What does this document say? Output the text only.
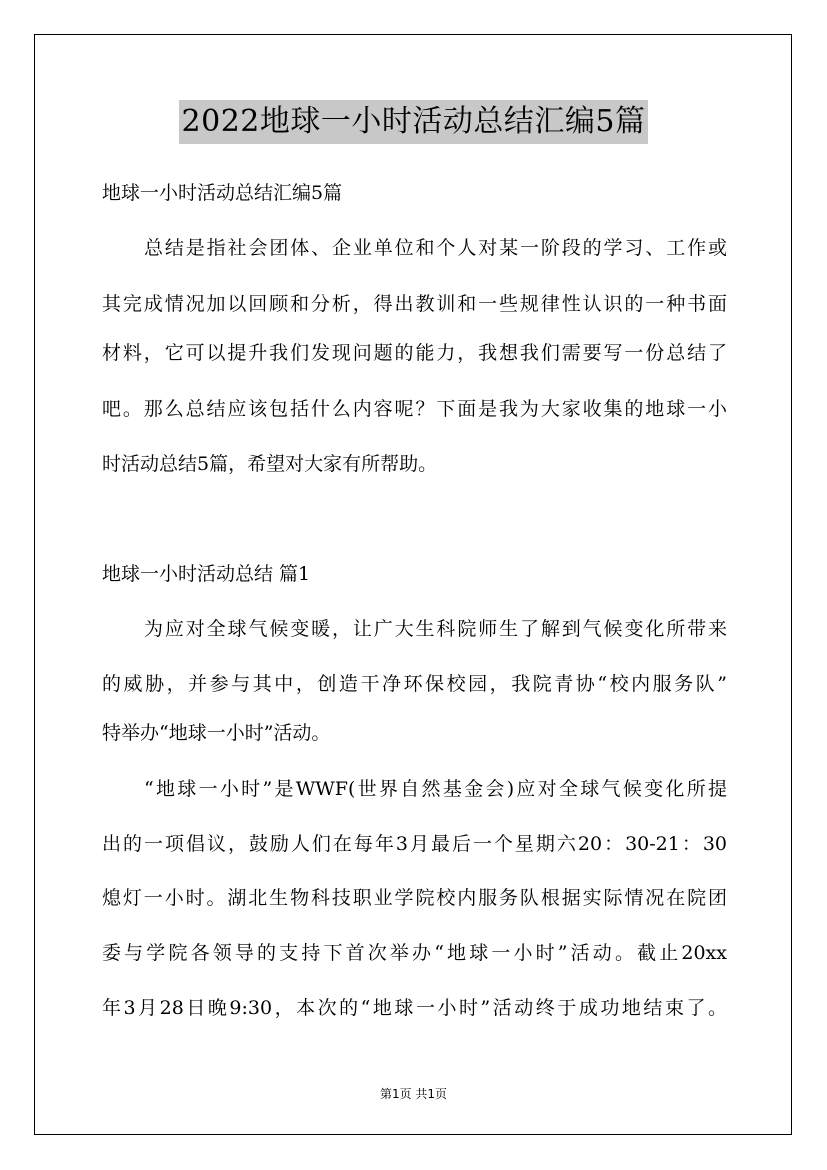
2022地球一小时活动总结汇编5篇
地球一小时活动总结汇编5篇
总结是指社会团体、企业单位和个人对某一阶段的学习、工作或
其完成情况加以回顾和分析，得出教训和一些规律性认识的一种书面
材料，它可以提升我们发现问题的能力，我想我们需要写一份总结了
吧。那么总结应该包括什么内容呢？下面是我为大家收集的地球一小
时活动总结5篇，希望对大家有所帮助。
地球一小时活动总结 篇1
为应对全球气候变暖，让广大生科院师生了解到气候变化所带来
的威胁，并参与其中，创造干净环保校园，我院青协“校内服务队”
特举办“地球一小时”活动。
“地球一小时”是WWF(世界自然基金会)应对全球气候变化所提
出的一项倡议，鼓励人们在每年3月最后一个星期六20：30-21：30
熄灯一小时。湖北生物科技职业学院校内服务队根据实际情况在院团
委与学院各领导的支持下首次举办“地球一小时”活动。截止20xx
年3月28日晚9:30，本次的“地球一小时”活动终于成功地结束了。
第1页 共1页
